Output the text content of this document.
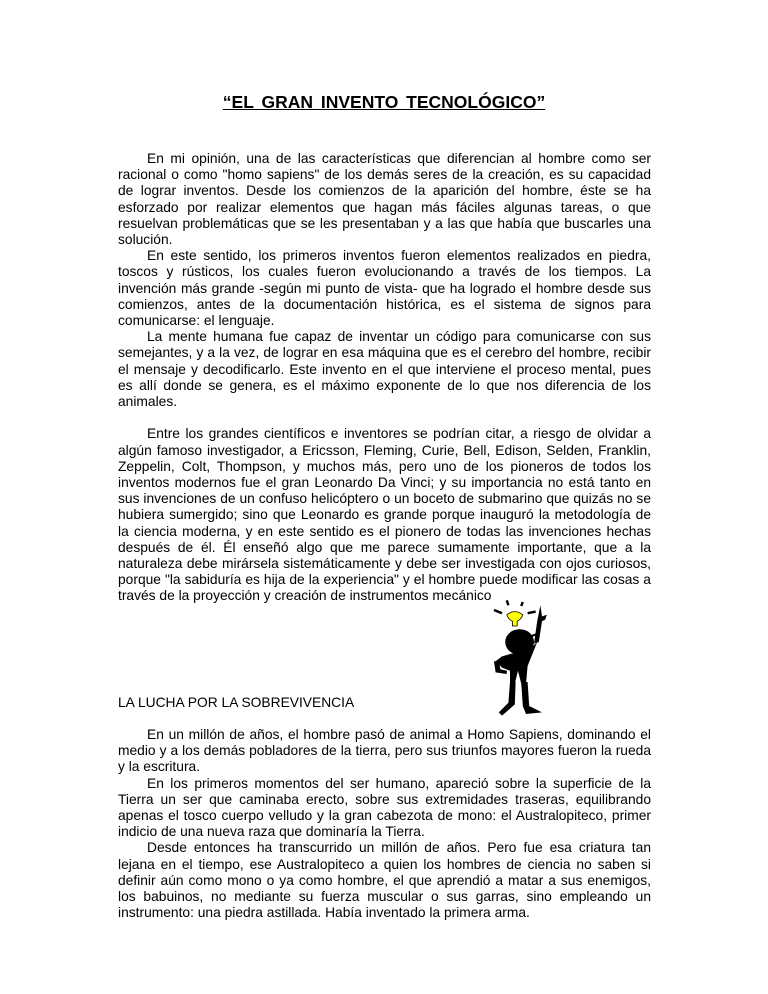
“EL GRAN INVENTO TECNOLÓGICO”

En mi opinión, una de las características que diferencian al hombre como ser racional o como "homo sapiens" de los demás seres de la creación, es su capacidad de lograr inventos. Desde los comienzos de la aparición del hombre, éste se ha esforzado por realizar elementos que hagan más fáciles algunas tareas, o que resuelvan problemáticas que se les presentaban y a las que había que buscarles una solución.

En este sentido, los primeros inventos fueron elementos realizados en piedra, toscos y rústicos, los cuales fueron evolucionando a través de los tiempos. La invención más grande -según mi punto de vista- que ha logrado el hombre desde sus comienzos, antes de la documentación histórica, es el sistema de signos para comunicarse: el lenguaje.

La mente humana fue capaz de inventar un código para comunicarse con sus semejantes, y a la vez, de lograr en esa máquina que es el cerebro del hombre, recibir el mensaje y decodificarlo. Este invento en el que interviene el proceso mental, pues es allí donde se genera, es el máximo exponente de lo que nos diferencia de los animales.

Entre los grandes científicos e inventores se podrían citar, a riesgo de olvidar a algún famoso investigador, a Ericsson, Fleming, Curie, Bell, Edison, Selden, Franklin, Zeppelin, Colt, Thompson, y muchos más, pero uno de los pioneros de todos los inventos modernos fue el gran Leonardo Da Vinci; y su importancia no está tanto en sus invenciones de un confuso helicóptero o un boceto de submarino que quizás no se hubiera sumergido; sino que Leonardo es grande porque inauguró la metodología de la ciencia moderna, y en este sentido es el pionero de todas las invenciones hechas después de él. Él enseñó algo que me parece sumamente importante, que a la naturaleza debe mirársela sistemáticamente y debe ser investigada con ojos curiosos, porque "la sabiduría es hija de la experiencia" y el hombre puede modificar las cosas a través de la proyección y creación de instrumentos mecánico

LA LUCHA POR LA SOBREVIVENCIA

En un millón de años, el hombre pasó de animal a Homo Sapiens, dominando el medio y a los demás pobladores de la tierra, pero sus triunfos mayores fueron la rueda y la escritura.

En los primeros momentos del ser humano, apareció sobre la superficie de la Tierra un ser que caminaba erecto, sobre sus extremidades traseras, equilibrando apenas el tosco cuerpo velludo y la gran cabezota de mono: el Australopiteco, primer indicio de una nueva raza que dominaría la Tierra.

Desde entonces ha transcurrido un millón de años. Pero fue esa criatura tan lejana en el tiempo, ese Australopiteco a quien los hombres de ciencia no saben si definir aún como mono o ya como hombre, el que aprendió a matar a sus enemigos, los babuinos, no mediante su fuerza muscular o sus garras, sino empleando un instrumento: una piedra astillada. Había inventado la primera arma.
